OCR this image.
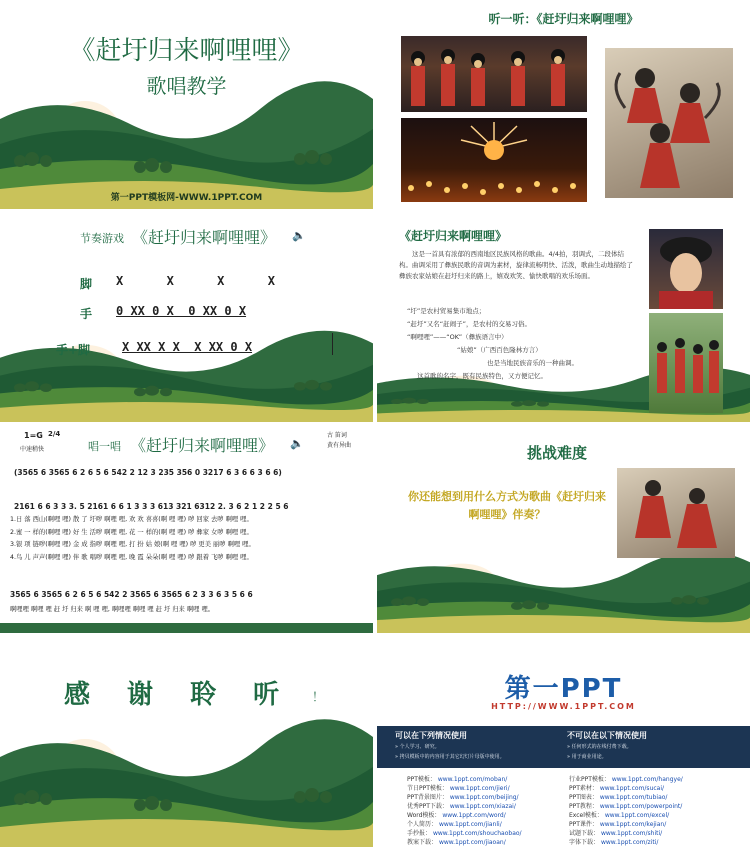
《赶圩归来啊哩哩》
歌唱教学
第一PPT模板网-WWW.1PPT.COM
听一听：《赶圩归来啊哩哩》
节奏游戏 《赶圩归来啊哩哩》 🔈
脚 X      X      X      X
手 0 XX 0 X  0 XX 0 X
手+脚	X XX X X  X XX 0 X
《赶圩归来啊哩哩》
这是一首具有浓郁的西南地区民族风格的歌曲。4/4拍，羽调式，二段体结构。曲调采用了彝族民歌的音调为素材，旋律流畅明快、活泼，歌曲生动地描绘了彝族农家姑娘在赶圩归来的路上，嬉戏欢笑、愉快歌唱的欢乐场面。
“圩”是农村贸易集市地点；
“赶圩”又名“赶闹子”，是农村的交易习俗。
“啊哩哩”——“OK”（彝族语言中）
“姑娘”（广西百色隆林方言）
也是当地民族音乐的一种曲调。
这首歌的名字，既有民族特色，又方便记忆。
1=G 2/4
中速稍快	唱一唱 《赶圩归来啊哩哩》 🔈
古 笛词
黄有异曲
(3565 6 3565 6 2 6 5 6 542 2 12 3 235 356 0 3217 6 3 6 6 3 6 6)
2161 6 6 3 3 3. 5 2161 6 6 1 3 3 3 613 321 6312 2. 3 6 2 1 2 2 5 6
1.日 落 西山(啊哩 哩) 散 了 圩哕 啊哩 哩, 欢 欢 喜喜(啊 哩 哩) 哕 回家 去哕 啊哩 哩。
2.蜜 一 样的(啊哩 哩) 好 生 活哕 啊哩 哩, 花 一 样的(啊 哩 哩) 哕 彝家 女哕 啊哩 哩。
3.银 项 链哕(啊哩 哩) 金 成 指哕 啊哩 哩, 打 扮 姑 娘(啊 哩 哩) 哕 更美 丽哕 啊哩 哩。
4.鸟 儿 声声(啊哩 哩) 伴 歌 唱哕 啊哩 哩, 晚 霞 朵朵(啊 哩 哩) 哕 跟着 飞哕 啊哩 哩。
3565 6 3565 6 2 6 5 6 542 2 3565 6 3565 6 2 3 3 6 3 5 6 6
啊哩哩 啊哩 哩 赶 圩 归来 啊 哩 哩, 啊哩哩 啊哩 哩 赶 圩 归来 啊哩 哩。
挑战难度
你还能想到用什么方式为歌曲《赶圩归来啊哩哩》伴奏？
感 谢 聆 听 ！	第一PPT
HTTP://WWW.1PPT.COM
可以在下列情况使用
» 个人学习、研究。
» 拷贝模板中的内容用于其它幻灯片母版中使用。
不可以在以下情况使用
» 任何形式的在线付费下载。
» 用于商业用途。
PPT模板： www.1ppt.com/moban/
节日PPT模板： www.1ppt.com/jieri/
PPT背景图片： www.1ppt.com/beijing/
优秀PPT下载： www.1ppt.com/xiazai/
Word模板： www.1ppt.com/word/
个人简历： www.1ppt.com/jianli/
手抄报： www.1ppt.com/shouchaobao/
教案下载： www.1ppt.com/jiaoan/
行业PPT模板： www.1ppt.com/hangye/
PPT素材： www.1ppt.com/sucai/
PPT图表： www.1ppt.com/tubiao/
PPT教程： www.1ppt.com/powerpoint/
Excel模板： www.1ppt.com/excel/
PPT课件： www.1ppt.com/kejian/
试题下载： www.1ppt.com/shiti/
字体下载： www.1ppt.com/ziti/
